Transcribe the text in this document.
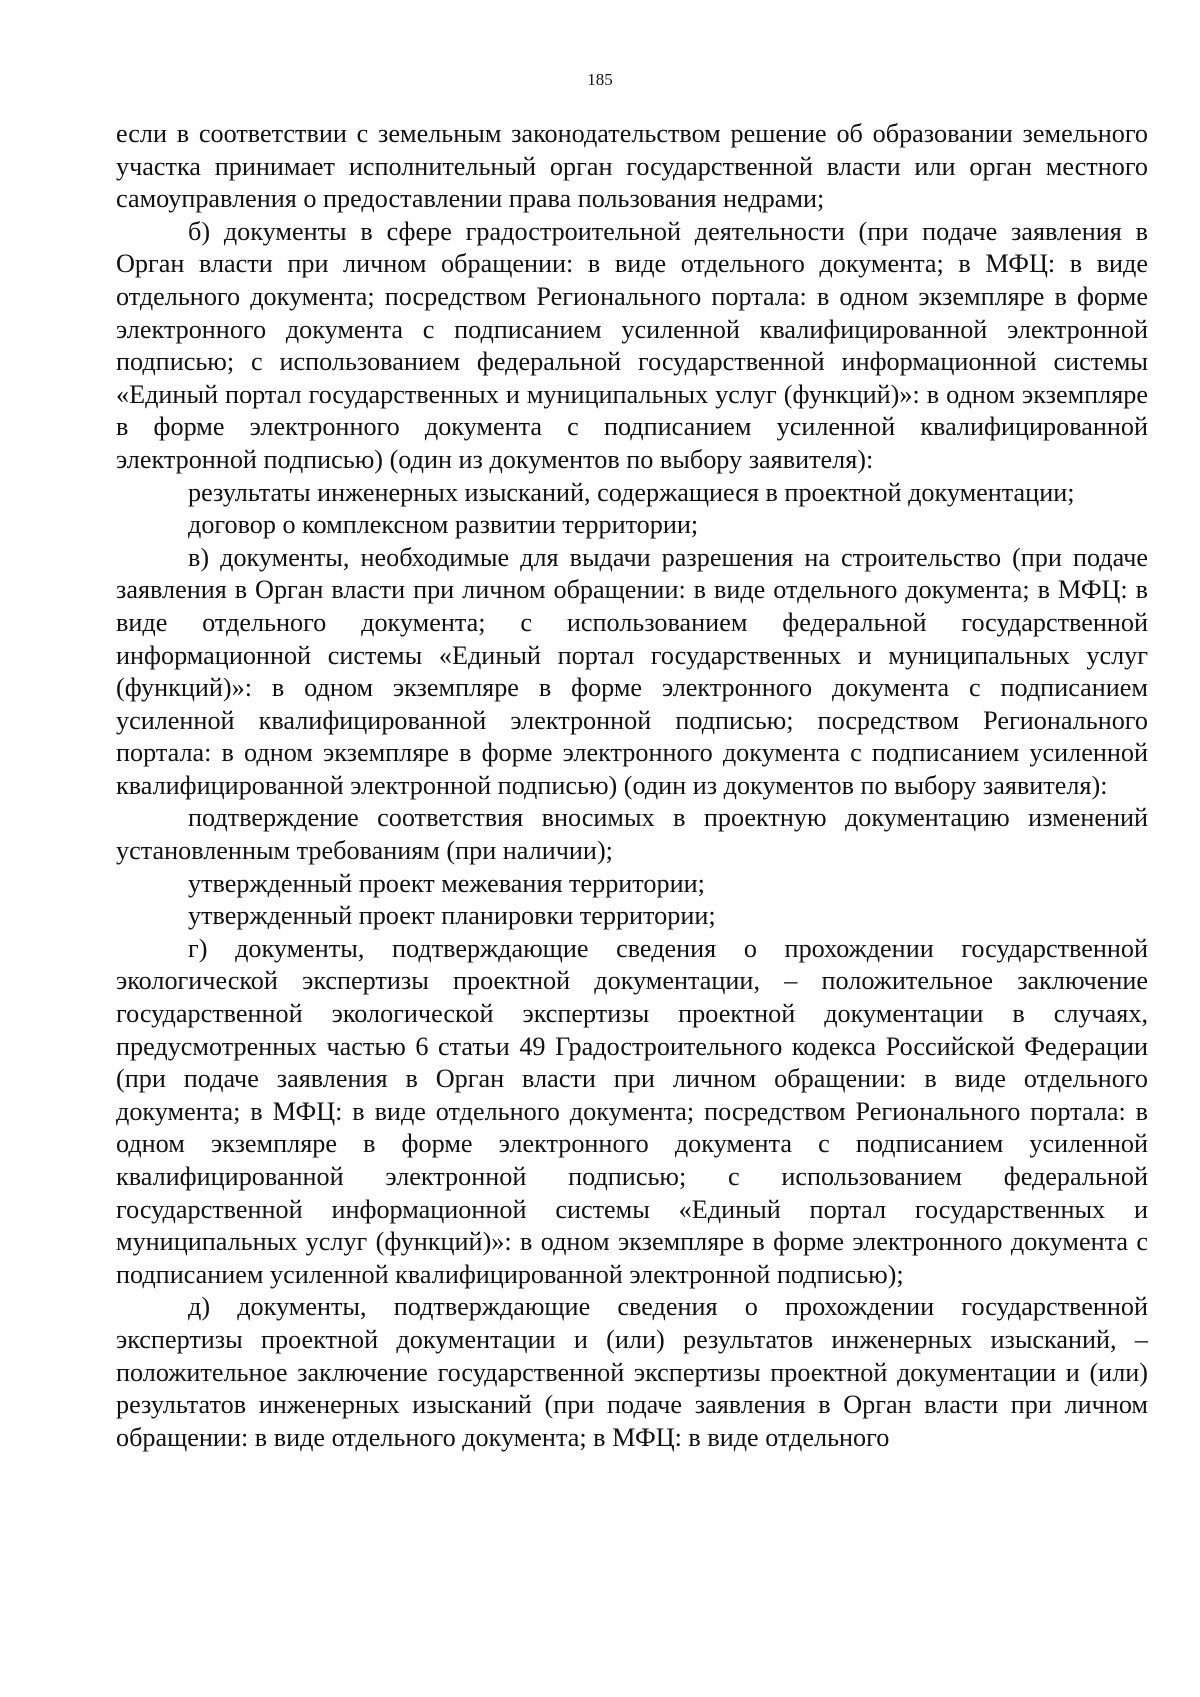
185

если в соответствии с земельным законодательством решение об образовании земельного участка принимает исполнительный орган государственной власти или орган местного самоуправления о предоставлении права пользования недрами;

б) документы в сфере градостроительной деятельности (при подаче заявления в Орган власти при личном обращении: в виде отдельного документа; в МФЦ: в виде отдельного документа; посредством Регионального портала: в одном экземпляре в форме электронного документа с подписанием усиленной квалифицированной электронной подписью; с использованием федеральной государственной информационной системы «Единый портал государственных и муниципальных услуг (функций)»: в одном экземпляре в форме электронного документа с подписанием усиленной квалифицированной электронной подписью) (один из документов по выбору заявителя):

результаты инженерных изысканий, содержащиеся в проектной документации;

договор о комплексном развитии территории;

в) документы, необходимые для выдачи разрешения на строительство (при подаче заявления в Орган власти при личном обращении: в виде отдельного документа; в МФЦ: в виде отдельного документа; с использованием федеральной государственной информационной системы «Единый портал государственных и муниципальных услуг (функций)»: в одном экземпляре в форме электронного документа с подписанием усиленной квалифицированной электронной подписью; посредством Регионального портала: в одном экземпляре в форме электронного документа с подписанием усиленной квалифицированной электронной подписью) (один из документов по выбору заявителя):

подтверждение соответствия вносимых в проектную документацию изменений установленным требованиям (при наличии);

утвержденный проект межевания территории;

утвержденный проект планировки территории;

г) документы, подтверждающие сведения о прохождении государственной экологической экспертизы проектной документации, – положительное заключение государственной экологической экспертизы проектной документации в случаях, предусмотренных частью 6 статьи 49 Градостроительного кодекса Российской Федерации (при подаче заявления в Орган власти при личном обращении: в виде отдельного документа; в МФЦ: в виде отдельного документа; посредством Регионального портала: в одном экземпляре в форме электронного документа с подписанием усиленной квалифицированной электронной подписью; с использованием федеральной государственной информационной системы «Единый портал государственных и муниципальных услуг (функций)»: в одном экземпляре в форме электронного документа с подписанием усиленной квалифицированной электронной подписью);

д) документы, подтверждающие сведения о прохождении государственной экспертизы проектной документации и (или) результатов инженерных изысканий, – положительное заключение государственной экспертизы проектной документации и (или) результатов инженерных изысканий (при подаче заявления в Орган власти при личном обращении: в виде отдельного документа; в МФЦ: в виде отдельного
